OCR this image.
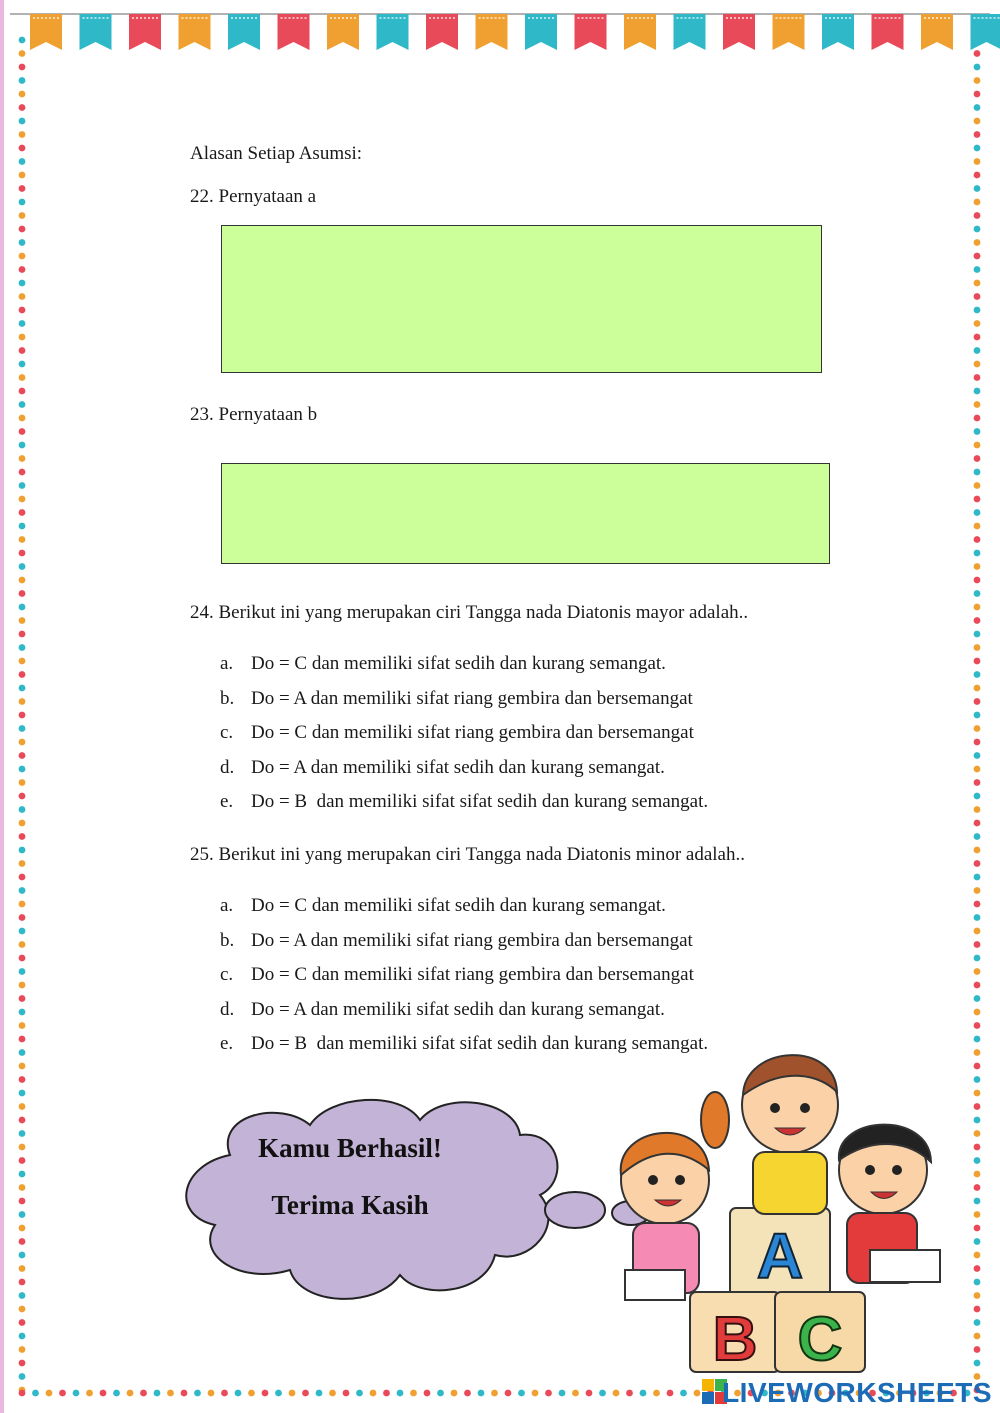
Alasan Setiap Asumsi:

22. Pernyataan a

23. Pernyataan b

24. Berikut ini yang merupakan ciri Tangga nada Diatonis mayor adalah..

a. Do = C dan memiliki sifat sedih dan kurang semangat.
b. Do = A dan memiliki sifat riang gembira dan bersemangat
c. Do = C dan memiliki sifat riang gembira dan bersemangat
d. Do = A dan memiliki sifat sedih dan kurang semangat.
e. Do = B  dan memiliki sifat sifat sedih dan kurang semangat.

25. Berikut ini yang merupakan ciri Tangga nada Diatonis minor adalah..

a. Do = C dan memiliki sifat sedih dan kurang semangat.
b. Do = A dan memiliki sifat riang gembira dan bersemangat
c. Do = C dan memiliki sifat riang gembira dan bersemangat
d. Do = A dan memiliki sifat sedih dan kurang semangat.
e. Do = B  dan memiliki sifat sifat sedih dan kurang semangat.
Kamu Berhasil!
Terima Kasih
A
B C
LIVEWORKSHEETS
